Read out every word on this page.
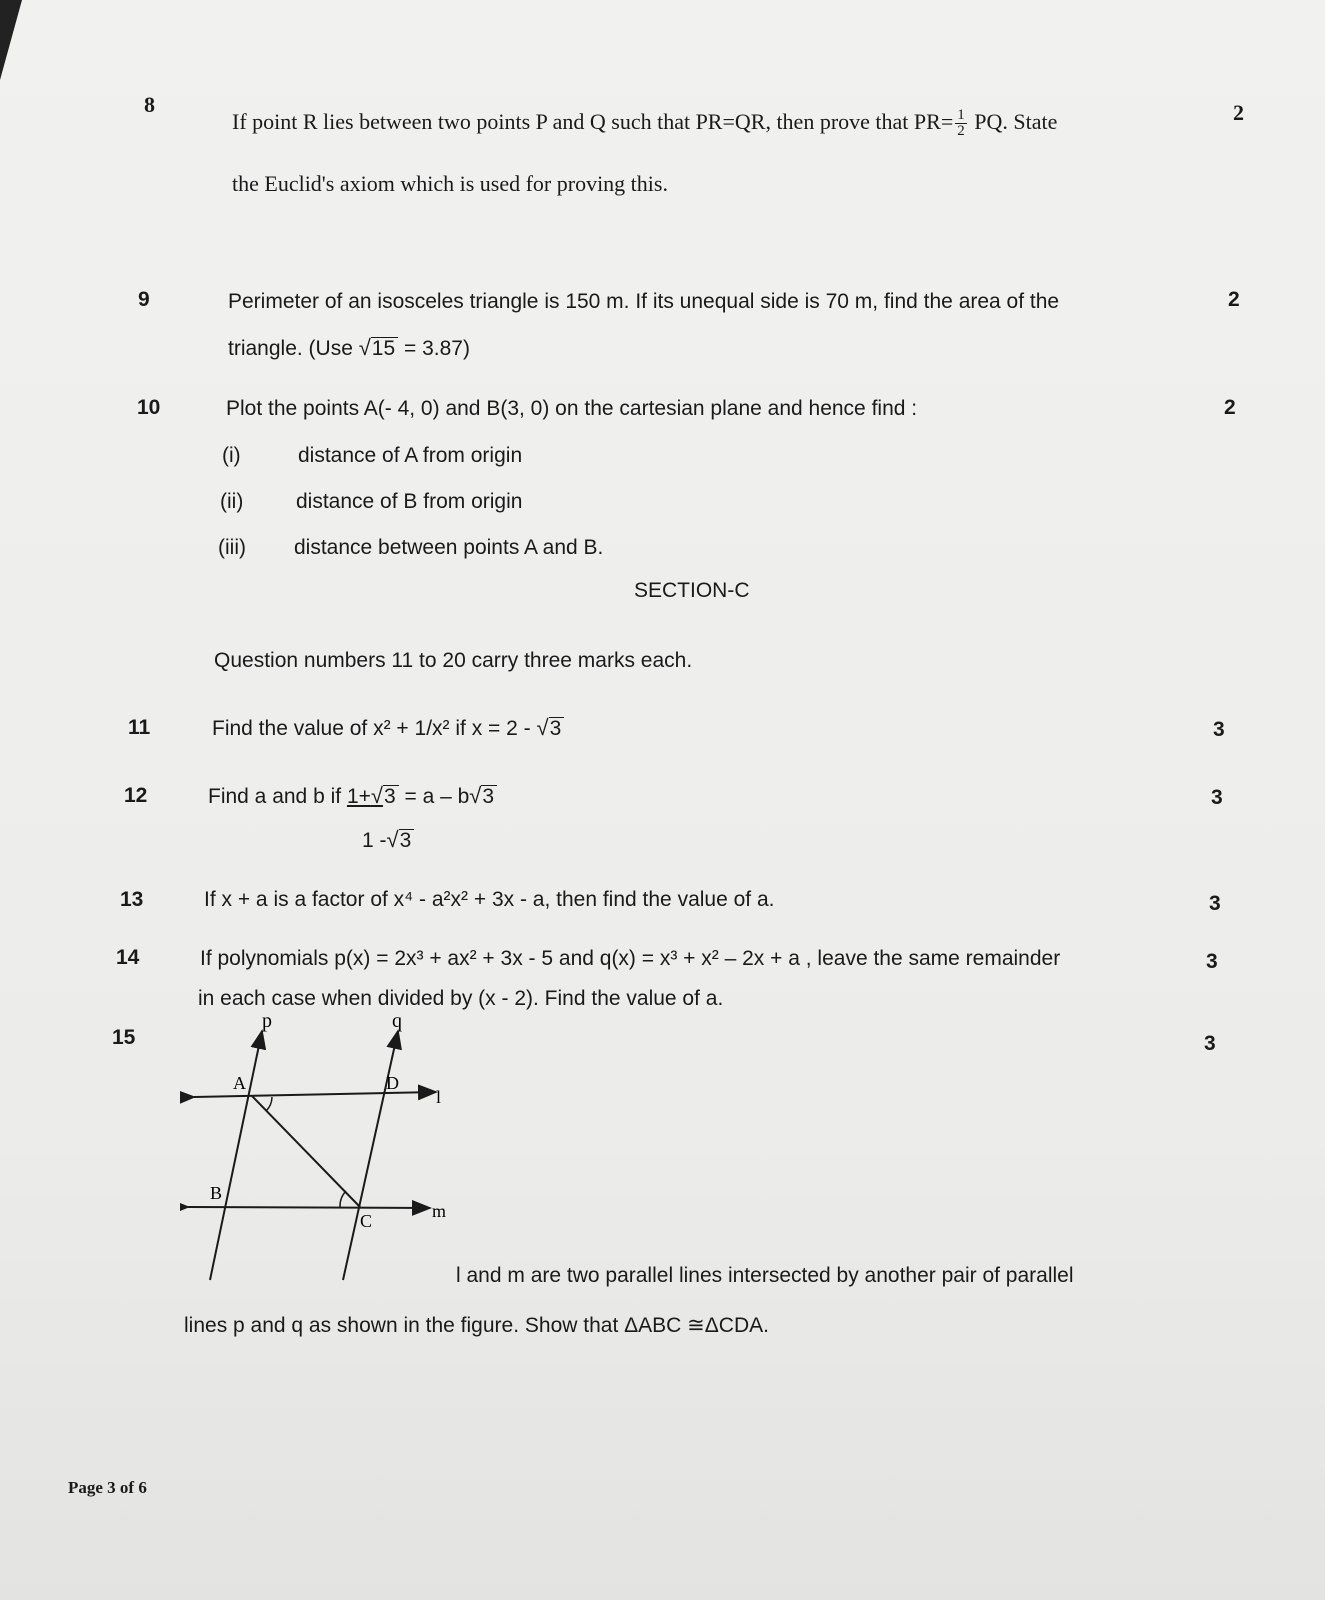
8
If point R lies between two points P and Q such that PR=QR, then prove that $PR= \frac{1}{2}$ PQ. State	2
the Euclid's axiom which is used for proving this.
9	Perimeter of an isosceles triangle is 150 m. If its unequal side is 70 m, find the area of the	2
triangle. (Use √15 = 3.87)
10	Plot the points A(- 4, 0) and B(3, 0) on the cartesian plane and hence find :	2
(i)	distance of A from origin
(ii)	distance of B from origin
(iii) distance between points A and B.
SECTION-C
Question numbers 11 to 20 carry three marks each.
11	Find the value of x² + 1/x² if x = 2 - √3	3
12	Find a and b if 1+√3 = a – b√3
1 -√3
3
13	If x + a is a factor of x⁴ - a²x² + 3x - a, then find the value of a.	3
14	If polynomials p(x) = 2x³ + ax² + 3x - 5 and q(x) = x³ + x² – 2x + a , leave the same remainder	3
in each case when divided by (x - 2). Find the value of a.
15	3
p	q
A	D
l
B
C	m
l and m are two parallel lines intersected by another pair of parallel
lines p and q as shown in the figure. Show that ΔABC ≅ΔCDA.
Page 3 of 6
